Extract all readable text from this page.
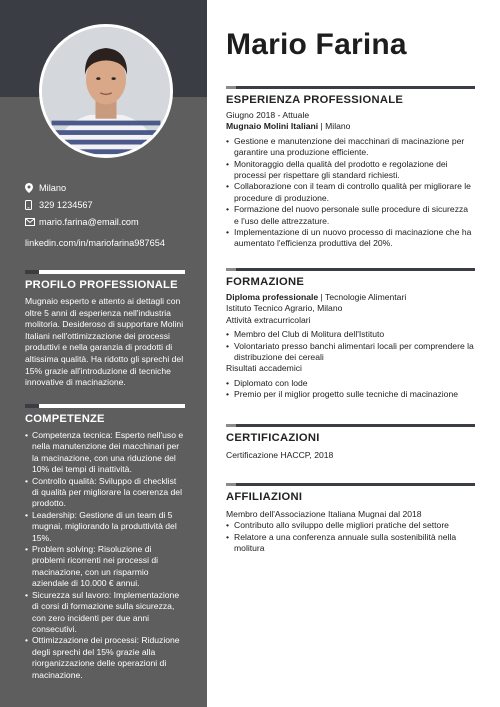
Milano
329 1234567
mario.farina@email.com
linkedin.com/in/mariofarina987654
PROFILO PROFESSIONALE
Mugnaio esperto e attento ai dettagli con oltre 5 anni di esperienza nell'industria molitoria. Desideroso di supportare Molini Italiani nell'ottimizzazione dei processi produttivi e nella garanzia di prodotti di altissima qualità. Ha ridotto gli sprechi del 15% grazie all'introduzione di tecniche innovative di macinazione.
COMPETENZE
• Competenza tecnica: Esperto nell'uso e nella manutenzione dei macchinari per la macinazione, con una riduzione del 10% dei tempi di inattività.
• Controllo qualità: Sviluppo di checklist di qualità per migliorare la coerenza del prodotto.
• Leadership: Gestione di un team di 5 mugnai, migliorando la produttività del 15%.
• Problem solving: Risoluzione di problemi ricorrenti nei processi di macinazione, con un risparmio aziendale di 10.000 € annui.
• Sicurezza sul lavoro: Implementazione di corsi di formazione sulla sicurezza, con zero incidenti per due anni consecutivi.
• Ottimizzazione dei processi: Riduzione degli sprechi del 15% grazie alla riorganizzazione delle operazioni di macinazione.
Mario Farina
ESPERIENZA PROFESSIONALE
Giugno 2018 - Attuale
Mugnaio Molini Italiani | Milano
• Gestione e manutenzione dei macchinari di macinazione per garantire una produzione efficiente.
• Monitoraggio della qualità del prodotto e regolazione dei processi per rispettare gli standard richiesti.
• Collaborazione con il team di controllo qualità per migliorare le procedure di produzione.
• Formazione del nuovo personale sulle procedure di sicurezza e l'uso delle attrezzature.
• Implementazione di un nuovo processo di macinazione che ha aumentato l'efficienza produttiva del 20%.
FORMAZIONE
Diploma professionale | Tecnologie Alimentari
Istituto Tecnico Agrario, Milano
Attività extracurricolari
• Membro del Club di Molitura dell'Istituto
• Volontariato presso banchi alimentari locali per comprendere la distribuzione dei cereali
Risultati accademici
• Diplomato con lode
• Premio per il miglior progetto sulle tecniche di macinazione
CERTIFICAZIONI
Certificazione HACCP, 2018
AFFILIAZIONI
Membro dell'Associazione Italiana Mugnai dal 2018
• Contributo allo sviluppo delle migliori pratiche del settore
• Relatore a una conferenza annuale sulla sostenibilità nella molitura
